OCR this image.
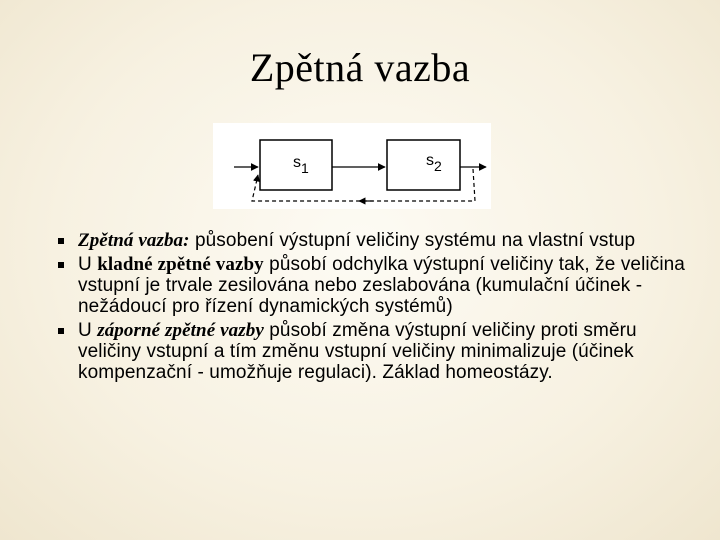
Zpětná vazba
s1	s2
Zpětná vazba: působení výstupní veličiny systému na vlastní vstup
U kladné zpětné vazby působí odchylka výstupní veličiny tak, že veličina vstupní je trvale zesilována nebo zeslabována (kumulační účinek - nežádoucí pro řízení dynamických systémů)
U záporné zpětné vazby působí změna výstupní veličiny proti směru veličiny vstupní a tím změnu vstupní veličiny minimalizuje (účinek kompenzační - umožňuje regulaci). Základ homeostázy.
